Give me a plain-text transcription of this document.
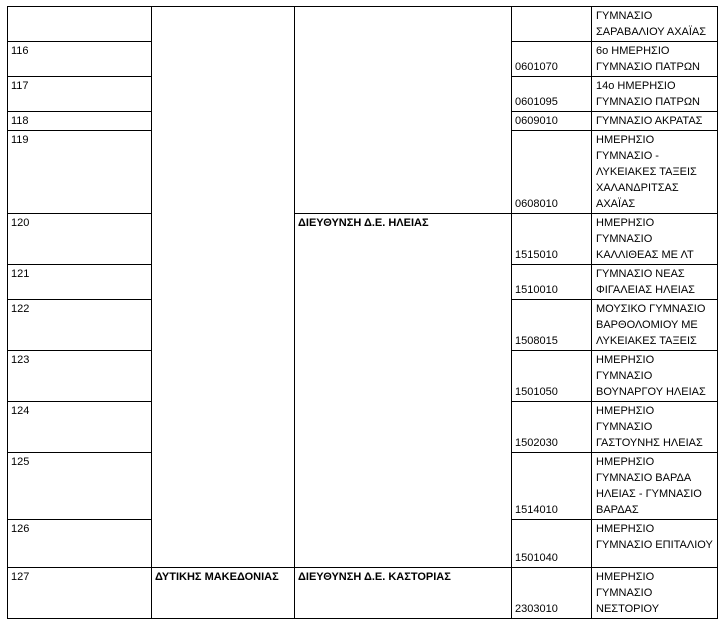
				ΓΥΜΝΑΣΙΟ ΣΑΡΑΒΑΛΙΟΥ ΑΧΑΪΑΣ
116			0601070	6ο ΗΜΕΡΗΣΙΟ ΓΥΜΝΑΣΙΟ ΠΑΤΡΩΝ
117			0601095	14ο ΗΜΕΡΗΣΙΟ ΓΥΜΝΑΣΙΟ ΠΑΤΡΩΝ
118			0609010	ΓΥΜΝΑΣΙΟ ΑΚΡΑΤΑΣ
119			0608010	ΗΜΕΡΗΣΙΟ ΓΥΜΝΑΣΙΟ - ΛΥΚΕΙΑΚΕΣ ΤΑΞΕΙΣ ΧΑΛΑΝΔΡΙΤΣΑΣ ΑΧΑΪΑΣ
120		ΔΙΕΥΘΥΝΣΗ Δ.Ε. ΗΛΕΙΑΣ	1515010	ΗΜΕΡΗΣΙΟ ΓΥΜΝΑΣΙΟ ΚΑΛΛΙΘΕΑΣ ΜΕ ΛΤ
121			1510010	ΓΥΜΝΑΣΙΟ ΝΕΑΣ ΦΙΓΑΛΕΙΑΣ ΗΛΕΙΑΣ
122			1508015	ΜΟΥΣΙΚΟ ΓΥΜΝΑΣΙΟ ΒΑΡΘΟΛΟΜΙΟΥ ΜΕ ΛΥΚΕΙΑΚΕΣ ΤΑΞΕΙΣ
123			1501050	ΗΜΕΡΗΣΙΟ ΓΥΜΝΑΣΙΟ ΒΟΥΝΑΡΓΟΥ ΗΛΕΙΑΣ
124			1502030	ΗΜΕΡΗΣΙΟ ΓΥΜΝΑΣΙΟ ΓΑΣΤΟΥΝΗΣ ΗΛΕΙΑΣ
125			1514010	ΗΜΕΡΗΣΙΟ ΓΥΜΝΑΣΙΟ ΒΑΡΔΑ ΗΛΕΙΑΣ - ΓΥΜΝΑΣΙΟ ΒΑΡΔΑΣ
126			1501040	ΗΜΕΡΗΣΙΟ ΓΥΜΝΑΣΙΟ ΕΠΙΤΑΛΙΟΥ
127	ΔΥΤΙΚΗΣ ΜΑΚΕΔΟΝΙΑΣ	ΔΙΕΥΘΥΝΣΗ Δ.Ε. ΚΑΣΤΟΡΙΑΣ	2303010	ΗΜΕΡΗΣΙΟ ΓΥΜΝΑΣΙΟ ΝΕΣΤΟΡΙΟΥ
